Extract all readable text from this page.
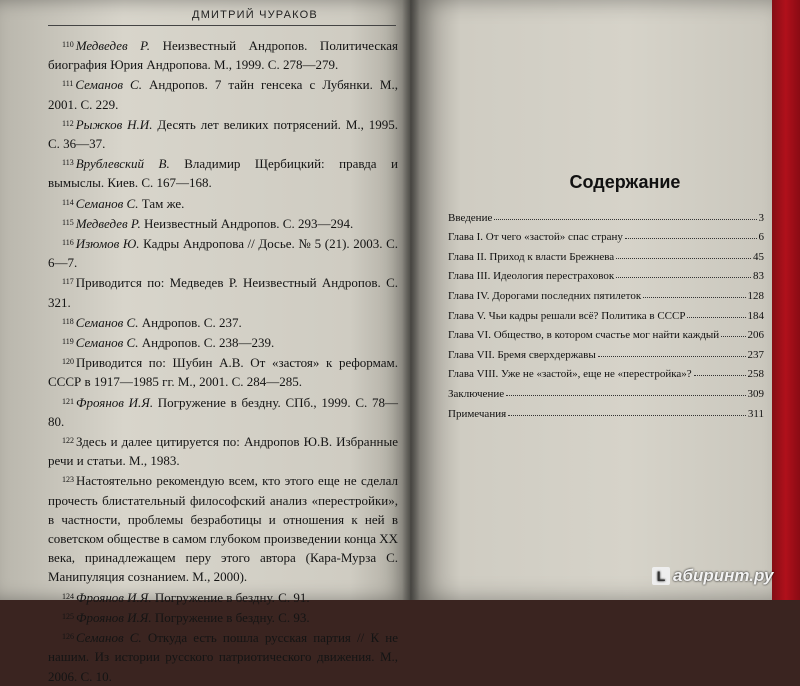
ДМИТРИЙ ЧУРАКОВ

$^{110}$ Медведев Р. Неизвестный Андропов. Политическая биография Юрия Андропова. М., 1999. С. 278—279.

$^{111}$ Семанов С. Андропов. 7 тайн генсека с Лубянки. М., 2001. С. 229.

$^{112}$ Рыжков Н.И. Десять лет великих потрясений. М., 1995. С. 36—37.

$^{113}$ Врублевский В. Владимир Щербицкий: правда и вымыслы. Киев. С. 167—168.

$^{114}$ Семанов С. Там же.

$^{115}$ Медведев Р. Неизвестный Андропов. С. 293—294.

$^{116}$ Изюмов Ю. Кадры Андропова // Досье. № 5 (21). 2003. С. 6—7.

$^{117}$ Приводится по: Медведев Р. Неизвестный Андропов. С. 321.

$^{118}$ Семанов С. Андропов. С. 237.

$^{119}$ Семанов С. Андропов. С. 238—239.

$^{120}$ Приводится по: Шубин А.В. От «застоя» к реформам. СССР в 1917—1985 гг. М., 2001. С. 284—285.

$^{121}$ Фроянов И.Я. Погружение в бездну. СПб., 1999. С. 78—80.

$^{122}$ Здесь и далее цитируется по: Андропов Ю.В. Избранные речи и статьи. М., 1983.

$^{123}$ Настоятельно рекомендую всем, кто этого еще не сделал прочесть блистательный философский анализ «перестройки», в частности, проблемы безработицы и отношения к ней в советском обществе в самом глубоком произведении конца XX века, принадлежащем перу этого автора (Кара-Мурза С. Манипуляция сознанием. М., 2000).

$^{124}$ Фроянов И.Я. Погружение в бездну. С. 91.

$^{125}$ Фроянов И.Я. Погружение в бездну. С. 93.

$^{126}$ Семанов С. Откуда есть пошла русская партия // К не нашим. Из истории русского патриотического движения. М., 2006. С. 10.

Содержание
Введение	3
Глава I. От чего «застой» спас страну	6
Глава II. Приход к власти Брежнева	45
Глава III. Идеология перестраховок	83
Глава IV. Дорогами последних пятилеток	128
Глава V. Чьи кадры решали всё? Политика в СССР	184
Глава VI. Общество, в котором счастье мог найти каждый	206
Глава VII. Бремя сверхдержавы	237
Глава VIII. Уже не «застой», еще не «перестройка»?	258
Заключение	309
Примечания	311
L абиринт.ру
